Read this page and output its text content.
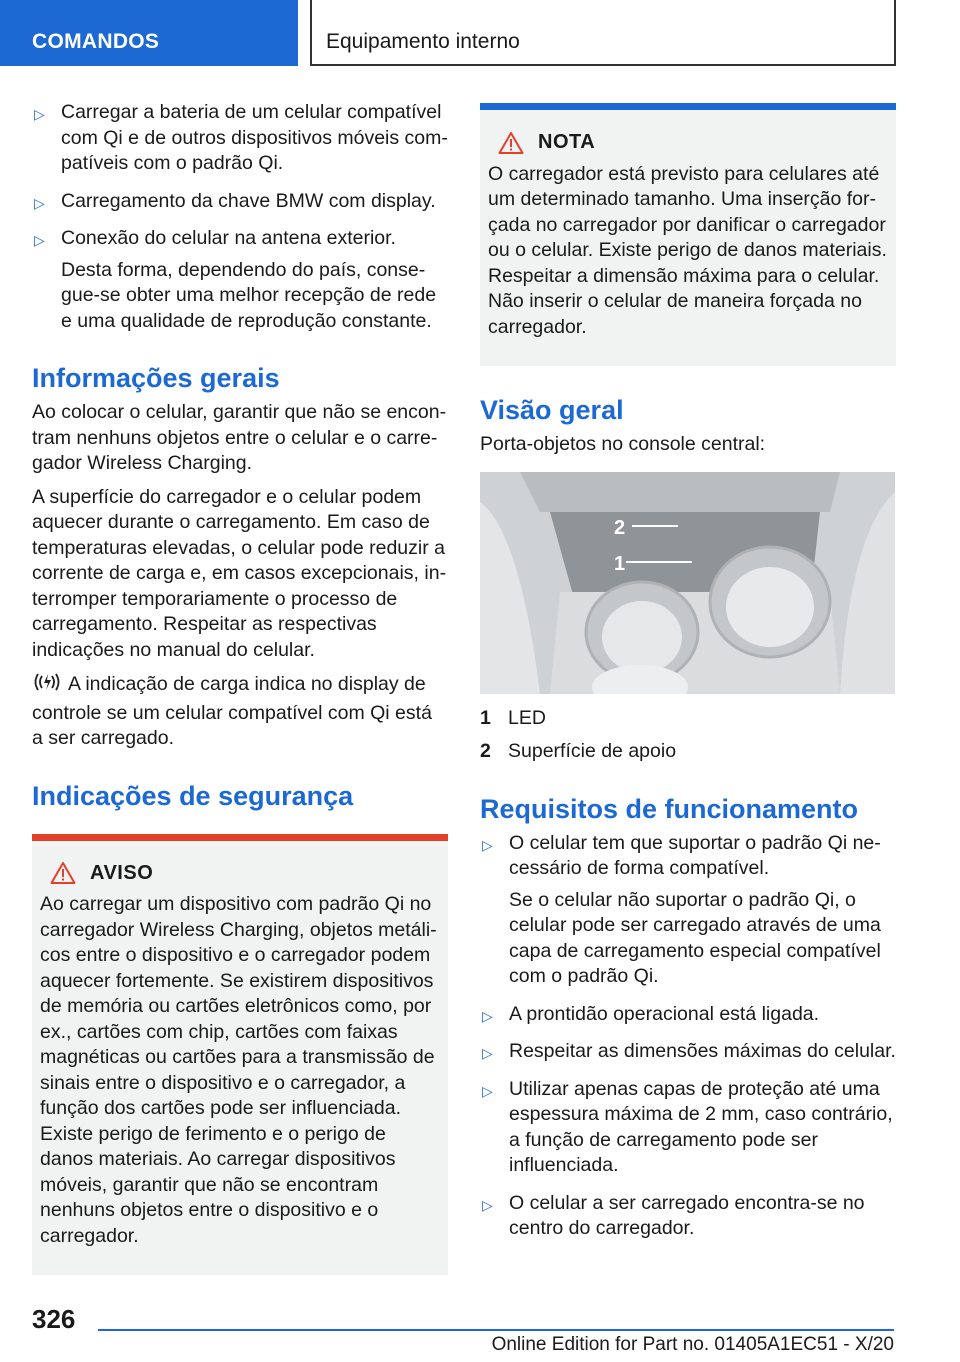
COMANDOS	Equipamento interno
▷ Carregar a bateria de um celular compatível com Qi e de outros dispositivos móveis compatíveis com o padrão Qi.
▷ Carregamento da chave BMW com display.
▷ Conexão do celular na antena exterior.
Desta forma, dependendo do país, consegue-se obter uma melhor recepção de rede e uma qualidade de reprodução constante.
Informações gerais

Ao colocar o celular, garantir que não se encontram nenhuns objetos entre o celular e o carregador Wireless Charging.

A superfície do carregador e o celular podem aquecer durante o carregamento. Em caso de temperaturas elevadas, o celular pode reduzir a corrente de carga e, em casos excepcionais, interromper temporariamente o processo de carregamento. Respeitar as respectivas indicações no manual do celular.

A indicação de carga indica no display de controle se um celular compatível com Qi está a ser carregado.

Indicações de segurança
AVISO
Ao carregar um dispositivo com padrão Qi no carregador Wireless Charging, objetos metálicos entre o dispositivo e o carregador podem aquecer fortemente. Se existirem dispositivos de memória ou cartões eletrônicos como, por ex., cartões com chip, cartões com faixas magnéticas ou cartões para a transmissão de sinais entre o dispositivo e o carregador, a função dos cartões pode ser influenciada. Existe perigo de ferimento e o perigo de danos materiais. Ao carregar dispositivos móveis, garantir que não se encontram nenhuns objetos entre o dispositivo e o carregador.
NOTA
O carregador está previsto para celulares até um determinado tamanho. Uma inserção forçada no carregador por danificar o carregador ou o celular. Existe perigo de danos materiais. Respeitar a dimensão máxima para o celular. Não inserir o celular de maneira forçada no carregador.
Visão geral

Porta-objetos no console central:

2
1
1 LED
2 Superfície de apoio
Requisitos de funcionamento
▷ O celular tem que suportar o padrão Qi necessário de forma compatível.
Se o celular não suportar o padrão Qi, o celular pode ser carregado através de uma capa de carregamento especial compatível com o padrão Qi.
▷ A prontidão operacional está ligada.
▷ Respeitar as dimensões máximas do celular.
▷ Utilizar apenas capas de proteção até uma espessura máxima de 2 mm, caso contrário, a função de carregamento pode ser influenciada.
▷ O celular a ser carregado encontra-se no centro do carregador.
326
Online Edition for Part no. 01405A1EC51 - X/20
